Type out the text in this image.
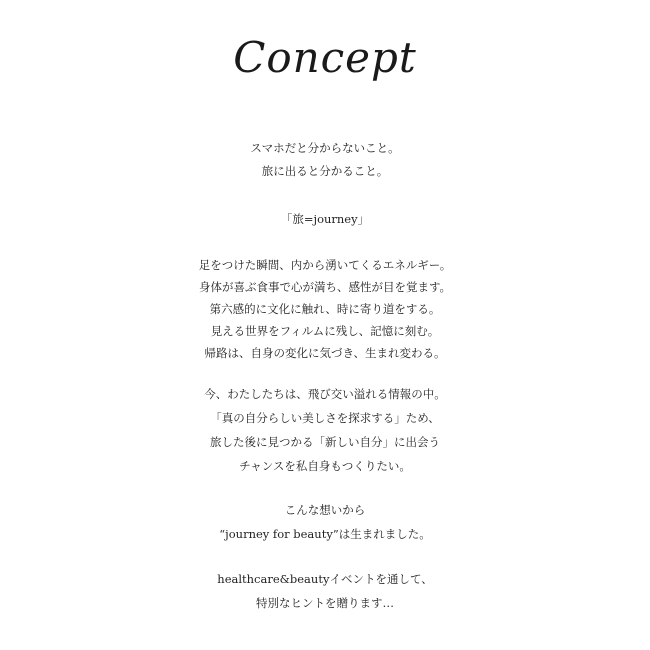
Concept
スマホだと分からないこと。
旅に出ると分かること。
「旅=journey」
足をつけた瞬間、内から湧いてくるエネルギー。
身体が喜ぶ食事で心が満ち、感性が目を覚ます。
第六感的に文化に触れ、時に寄り道をする。
見える世界をフィルムに残し、記憶に刻む。
帰路は、自身の変化に気づき、生まれ変わる。
今、わたしたちは、飛び交い溢れる情報の中。
「真の自分らしい美しさを探求する」ため、
旅した後に見つかる「新しい自分」に出会う
チャンスを私自身もつくりたい。
こんな想いから
“journey for beauty”は生まれました。
healthcare&beautyイベントを通して、
特別なヒントを贈ります…
